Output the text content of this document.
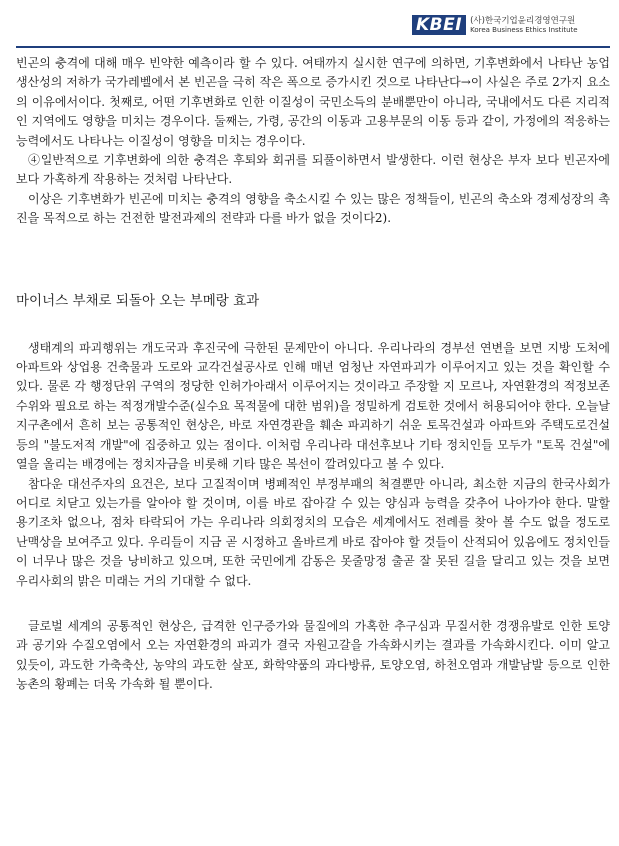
KBEI (사)한국기업윤리경영연구원
Korea Business Ethics Institute

빈곤의 충격에 대해 매우 빈약한 예측이라 할 수 있다. 여태까지 실시한 연구에 의하면, 기후변화에서 나타난 농업생산성의 저하가 국가레벨에서 본 빈곤을 극히 작은 폭으로 증가시킨 것으로 나타난다→이 사실은 주로 2가지 요소의 이유에서이다. 첫째로, 어떤 기후변화로 인한 이질성이 국민소득의 분배뿐만이 아니라, 국내에서도 다른 지리적인 지역에도 영향을 미치는 경우이다. 둘째는, 가령, 공간의 이동과 고용부문의 이동 등과 같이, 가정에의 적응하는 능력에서도 나타나는 이질성이 영향을 미치는 경우이다.

④일반적으로 기후변화에 의한 충격은 후퇴와 회귀를 되풀이하면서 발생한다. 이런 현상은 부자 보다 빈곤자에 보다 가혹하게 작용하는 것처럼 나타난다.

이상은 기후변화가 빈곤에 미치는 충격의 영향을 축소시킬 수 있는 많은 정책들이, 빈곤의 축소와 경제성장의 촉진을 목적으로 하는 건전한 발전과제의 전략과 다를 바가 없을 것이다2).

마이너스 부채로 되돌아 오는 부메랑 효과

생태계의 파괴행위는 개도국과 후진국에 극한된 문제만이 아니다. 우리나라의 경부선 연변을 보면 지방 도처에 아파트와 상업용 건축물과 도로와 교각건설공사로 인해 매년 엄청난 자연파괴가 이루어지고 있는 것을 확인할 수 있다. 물론 각 행정단위 구역의 정당한 인허가아래서 이루어지는 것이라고 주장할 지 모르나, 자연환경의 적정보존수위와 필요로 하는 적정개발수준(실수요 목적물에 대한 범위)을 정밀하게 검토한 것에서 허용되어야 한다. 오늘날 지구촌에서 흔히 보는 공통적인 현상은, 바로 자연경관을 훼손 파괴하기 쉬운 토목건설과 아파트와 주택도로건설 등의 "불도저적 개발"에 집중하고 있는 점이다. 이처럼 우리나라 대선후보나 기타 정치인들 모두가 "토목 건설"에 열을 올리는 배경에는 정치자금을 비롯해 기타 많은 복선이 깔려있다고 볼 수 있다.

참다운 대선주자의 요건은, 보다 고질적이며 병폐적인 부정부패의 척결뿐만 아니라, 최소한 지금의 한국사회가 어디로 치닫고 있는가를 알아야 할 것이며, 이를 바로 잡아갈 수 있는 양심과 능력을 갖추어 나아가야 한다. 말할 용기조차 없으나, 점차 타락되어 가는 우리나라 의회정치의 모습은 세계에서도 전례를 찾아 볼 수도 없을 정도로 난맥상을 보여주고 있다. 우리들이 지금 곧 시정하고 올바르게 바로 잡아야 할 것들이 산적되어 있음에도 정치인들이 너무나 많은 것을 낭비하고 있으며, 또한 국민에게 감동은 못줄망정 출곧 잘 못된 길을 달리고 있는 것을 보면 우리사회의 밝은 미래는 거의 기대할 수 없다.

글로벌 세계의 공통적인 현상은, 급격한 인구증가와 물질에의 가혹한 추구심과 무질서한 경쟁유발로 인한 토양과 공기와 수질오염에서 오는 자연환경의 파괴가 결국 자원고갈을 가속화시키는 결과를 가속화시킨다. 이미 알고 있듯이, 과도한 가축축산, 농약의 과도한 살포, 화학약품의 과다방류, 토양오염, 하천오염과 개발남발 등으로 인한 농촌의 황폐는 더욱 가속화 될 뿐이다.
